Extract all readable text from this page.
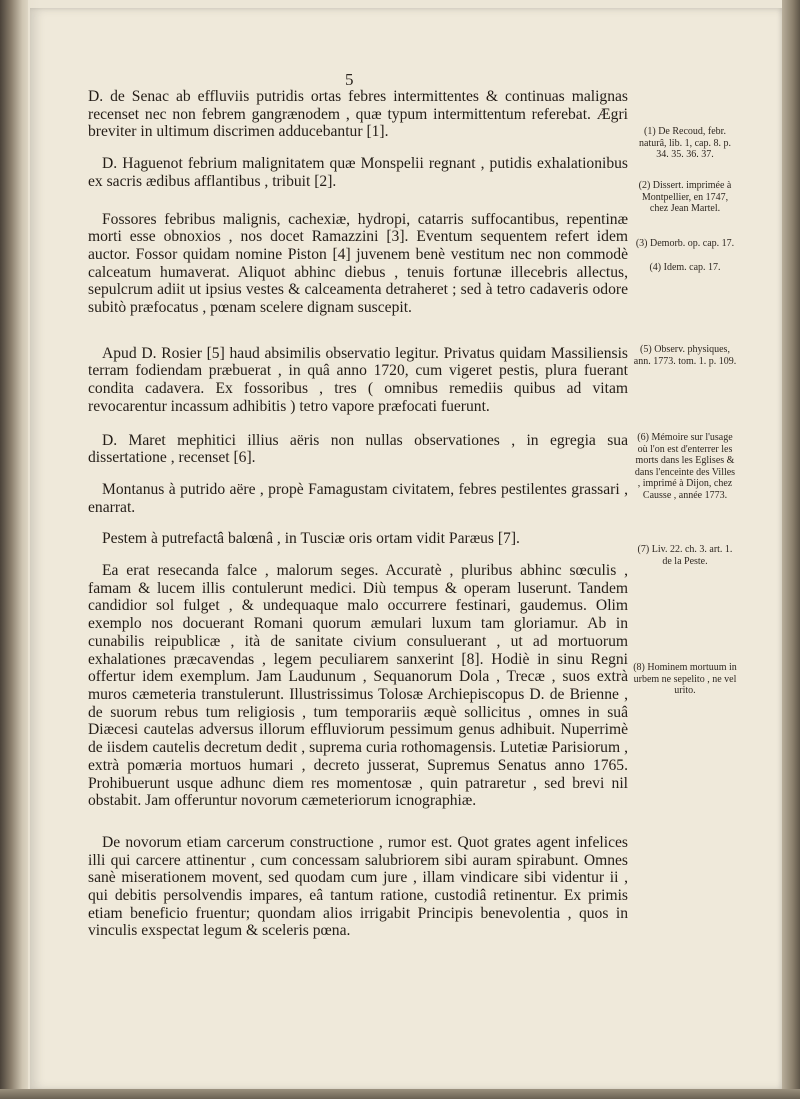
5

D. de Senac ab effluviis putridis ortas febres intermittentes & continuas malignas recenset nec non febrem gangrænodem , quæ typum intermittentum referebat. Ægri breviter in ultimum discrimen adducebantur [1].

D. Haguenot febrium malignitatem quæ Monspelii regnant , putidis exhalationibus ex sacris ædibus afflantibus , tribuit [2].

Fossores febribus malignis, cachexiæ, hydropi, catarris suffocantibus, repentinæ morti esse obnoxios , nos docet Ramazzini [3]. Eventum sequentem refert idem auctor. Fossor quidam nomine Piston [4] juvenem benè vestitum nec non commodè calceatum humaverat. Aliquot abhinc diebus , tenuis fortunæ illecebris allectus, sepulcrum adiit ut ipsius vestes & calceamenta detraheret ; sed à tetro cadaveris odore subitò præfocatus , pœnam scelere dignam suscepit.

Apud D. Rosier [5] haud absimilis observatio legitur. Privatus quidam Massiliensis terram fodiendam præbuerat , in quâ anno 1720, cum vigeret pestis, plura fuerant condita cadavera. Ex fossoribus , tres ( omnibus remediis quibus ad vitam revocarentur incassum adhibitis ) tetro vapore præfocati fuerunt.

D. Maret mephitici illius aëris non nullas observationes , in egregia sua dissertatione , recenset [6].

Montanus à putrido aëre , propè Famagustam civitatem, febres pestilentes grassari , enarrat.

Pestem à putrefactâ balœnâ , in Tusciæ oris ortam vidit Paræus [7].

Ea erat resecanda falce , malorum seges. Accuratè , pluribus abhinc sœculis , famam & lucem illis contulerunt medici. Diù tempus & operam luserunt. Tandem candidior sol fulget , & undequaque malo occurrere festinari, gaudemus. Olim exemplo nos docuerant Romani quorum æmulari luxum tam gloriamur. Ab in cunabilis reipublicæ , ità de sanitate civium consuluerant , ut ad mortuorum exhalationes præcavendas , legem peculiarem sanxerint [8]. Hodiè in sinu Regni offertur idem exemplum. Jam Laudunum , Sequanorum Dola , Trecæ , suos extrà muros cæmeteria transtulerunt. Illustrissimus Tolosæ Archiepiscopus D. de Brienne , de suorum rebus tum religiosis , tum temporariis æquè sollicitus , omnes in suâ Diæcesi cautelas adversus illorum effluviorum pessimum genus adhibuit. Nuperrimè de iisdem cautelis decretum dedit , suprema curia rothomagensis. Lutetiæ Parisiorum , extrà pomæria mortuos humari , decreto jusserat, Supremus Senatus anno 1765. Prohibuerunt usque adhunc diem res momentosæ , quin patraretur , sed brevi nil obstabit. Jam offeruntur novorum cæmeteriorum icnographiæ.

De novorum etiam carcerum constructione , rumor est. Quot grates agent infelices illi qui carcere attinentur , cum concessam salubriorem sibi auram spirabunt. Omnes sanè miserationem movent, sed quodam cum jure , illam vindicare sibi videntur ii , qui debitis persolvendis impares, eâ tantum ratione, custodiâ retinentur. Ex primis etiam beneficio fruentur; quondam alios irrigabit Principis benevolentia , quos in vinculis exspectat legum & sceleris pœna.

(1) De Recoud, febr. naturâ, lib. 1, cap. 8. p. 34. 35. 36. 37.
(2) Dissert. imprimée à Montpellier, en 1747, chez Jean Martel.
(3) Demorb. op. cap. 17.
(4) Idem. cap. 17.
(5) Observ. physiques, ann. 1773. tom. 1. p. 109.
(6) Mémoire sur l'usage où l'on est d'enterrer les morts dans les Eglises & dans l'enceinte des Villes , imprimé à Dijon, chez Causse , année 1773.
(7) Liv. 22. ch. 3. art. 1. de la Peste.
(8) Hominem mortuum in urbem ne sepelito , ne vel urito.
